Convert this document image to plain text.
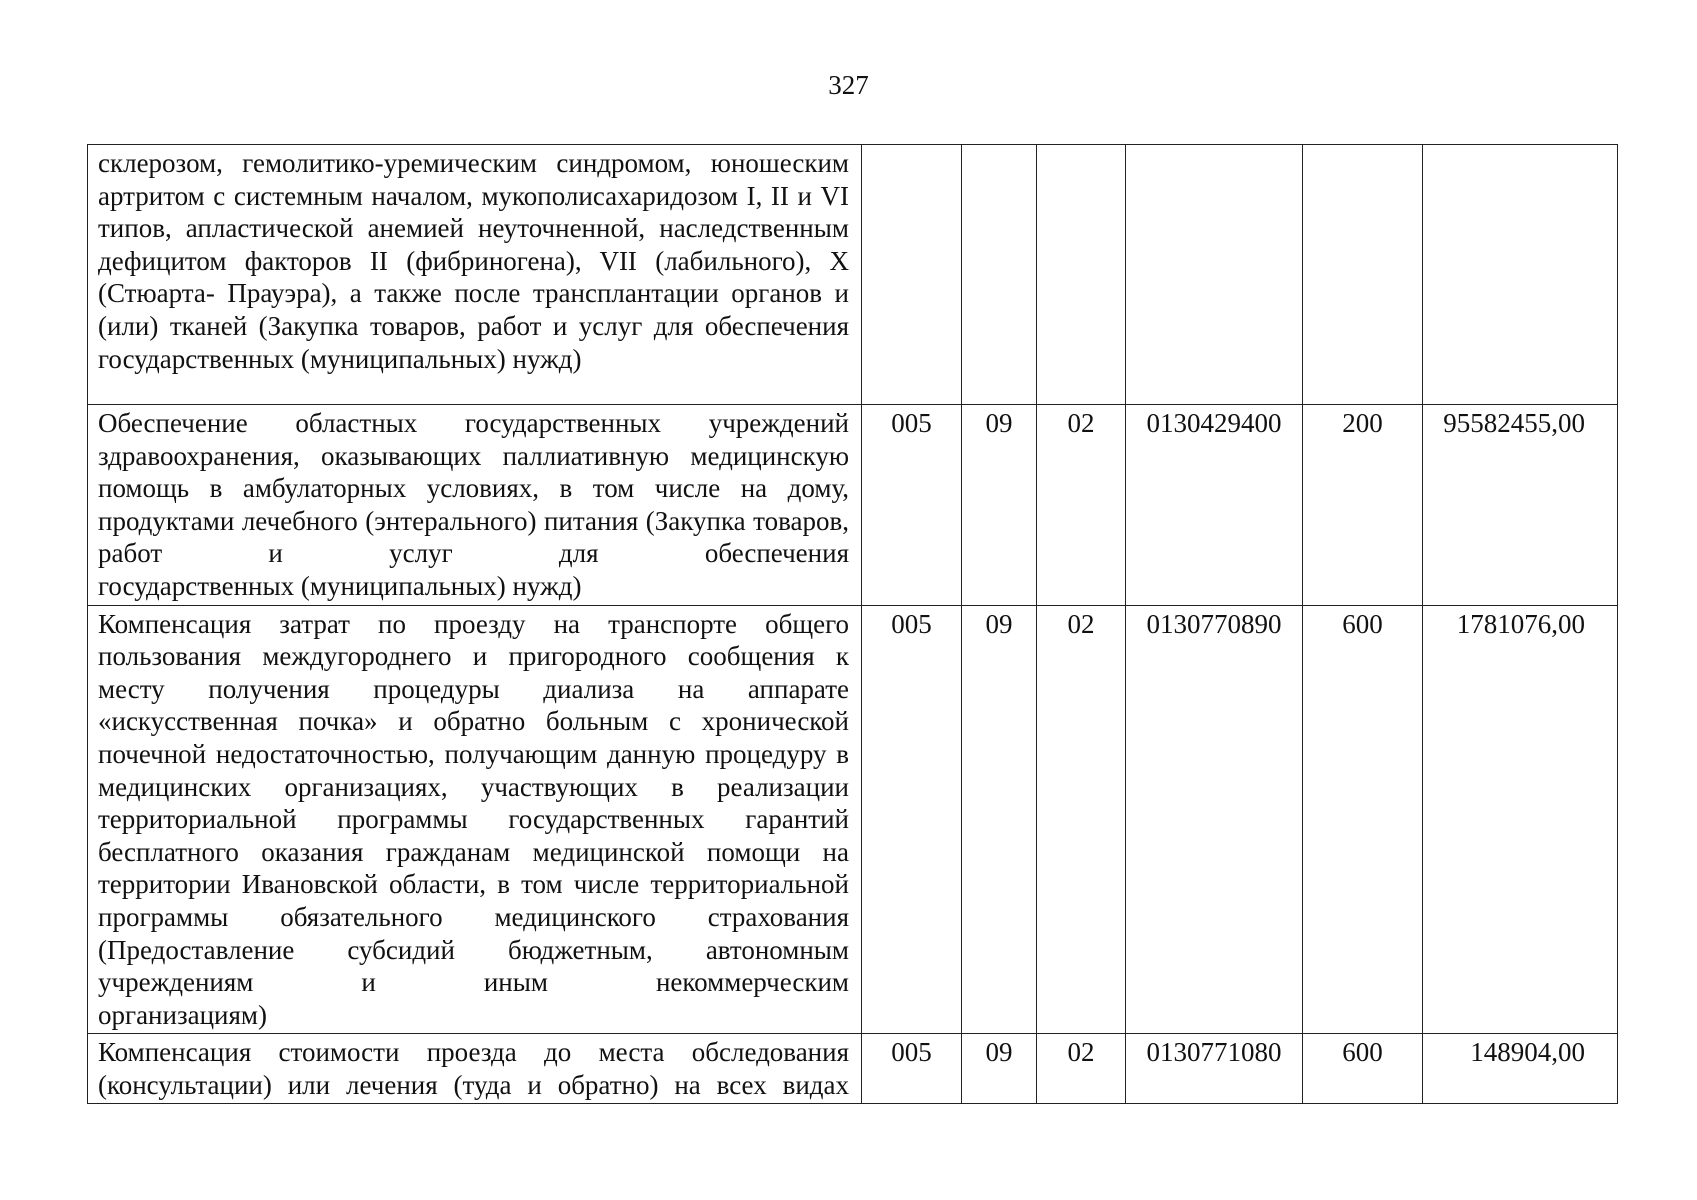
327
склерозом, гемолитико-уремическим синдромом, юношеским артритом с системным началом, мукополисахаридозом I, II и VI типов, апластической анемией неуточненной, наследственным дефицитом факторов II (фибриногена), VII (лабильного), X (Стюарта- Прауэра), а также после трансплантации органов и (или) тканей (Закупка товаров, работ и услуг для обеспечения
государственных (муниципальных) нужд)						

Обеспечение областных государственных учреждений здравоохранения, оказывающих паллиативную медицинскую помощь в амбулаторных условиях, в том числе на дому, продуктами лечебного (энтерального) питания (Закупка товаров, работ и услуг для обеспечения
государственных (муниципальных) нужд)	005	09	02	0130429400	200	95582455,00
Компенсация затрат по проезду на транспорте общего пользования междугороднего и пригородного сообщения к месту получения процедуры диализа на аппарате «искусственная почка» и обратно больным с хронической почечной недостаточностью, получающим данную процедуру в медицинских организациях, участвующих в реализации территориальной программы государственных гарантий бесплатного оказания гражданам медицинской помощи на территории Ивановской области, в том числе территориальной программы обязательного медицинского страхования (Предоставление субсидий бюджетным, автономным учреждениям и иным некоммерческим
организациям)	005	09	02	0130770890	600	1781076,00
Компенсация стоимости проезда до места обследования (консультации) или лечения (туда и обратно) на всех видах	005	09	02	0130771080	600	148904,00
